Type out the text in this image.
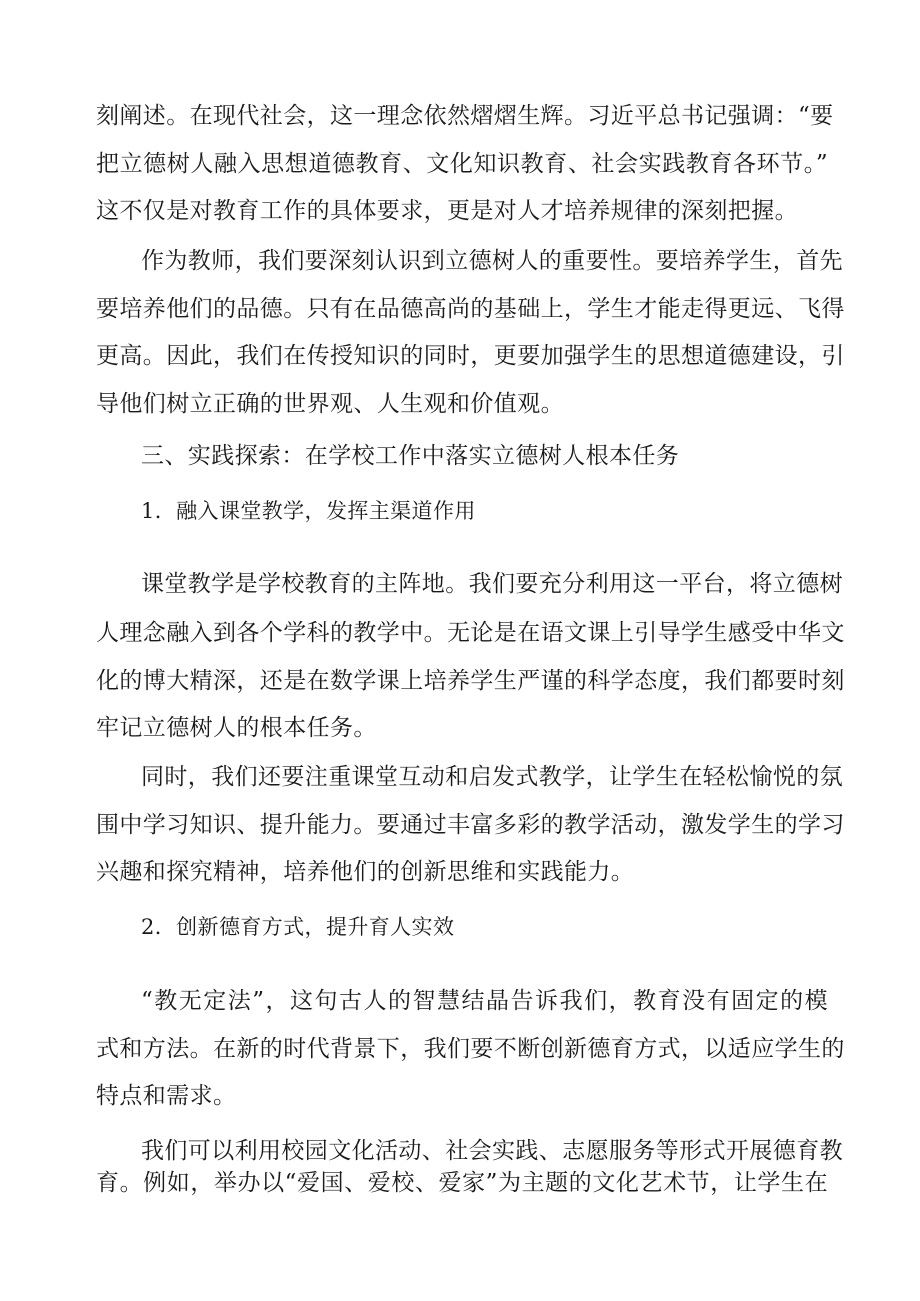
刻阐述。在现代社会，这一理念依然熠熠生辉。习近平总书记强调：“要
把立德树人融入思想道德教育、文化知识教育、社会实践教育各环节。”
这不仅是对教育工作的具体要求，更是对人才培养规律的深刻把握。
作为教师，我们要深刻认识到立德树人的重要性。要培养学生，首先
要培养他们的品德。只有在品德高尚的基础上，学生才能走得更远、飞得
更高。因此，我们在传授知识的同时，更要加强学生的思想道德建设，引
导他们树立正确的世界观、人生观和价值观。
三、实践探索：在学校工作中落实立德树人根本任务
1．融入课堂教学，发挥主渠道作用
课堂教学是学校教育的主阵地。我们要充分利用这一平台，将立德树
人理念融入到各个学科的教学中。无论是在语文课上引导学生感受中华文
化的博大精深，还是在数学课上培养学生严谨的科学态度，我们都要时刻
牢记立德树人的根本任务。
同时，我们还要注重课堂互动和启发式教学，让学生在轻松愉悦的氛
围中学习知识、提升能力。要通过丰富多彩的教学活动，激发学生的学习
兴趣和探究精神，培养他们的创新思维和实践能力。
2．创新德育方式，提升育人实效
“教无定法”，这句古人的智慧结晶告诉我们，教育没有固定的模
式和方法。在新的时代背景下，我们要不断创新德育方式，以适应学生的
特点和需求。
我们可以利用校园文化活动、社会实践、志愿服务等形式开展德育教
育。例如，举办以“爱国、爱校、爱家”为主题的文化艺术节，让学生在
